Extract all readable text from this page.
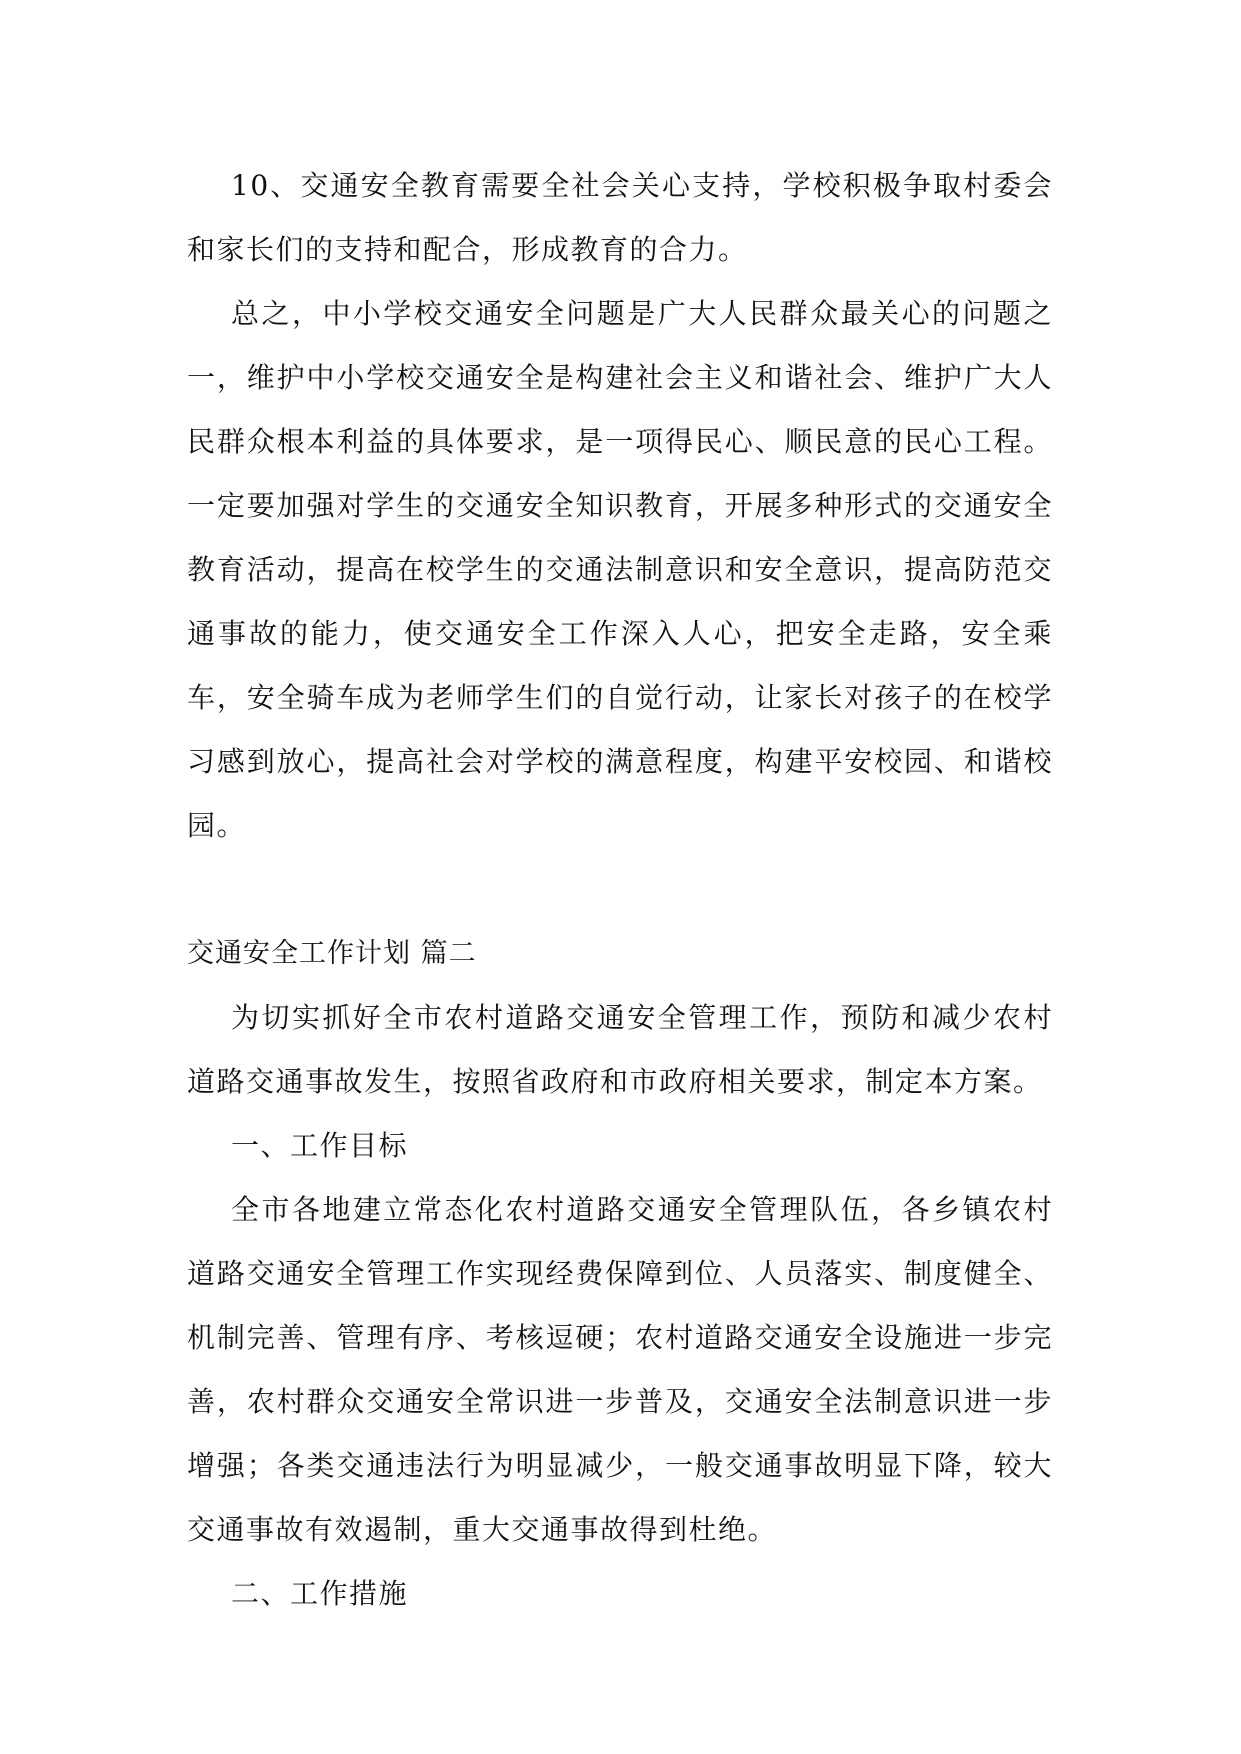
10、交通安全教育需要全社会关心支持，学校积极争取村委会和家长们的支持和配合，形成教育的合力。

总之，中小学校交通安全问题是广大人民群众最关心的问题之一，维护中小学校交通安全是构建社会主义和谐社会、维护广大人民群众根本利益的具体要求，是一项得民心、顺民意的民心工程。一定要加强对学生的交通安全知识教育，开展多种形式的交通安全教育活动，提高在校学生的交通法制意识和安全意识，提高防范交通事故的能力，使交通安全工作深入人心，把安全走路，安全乘车，安全骑车成为老师学生们的自觉行动，让家长对孩子的在校学习感到放心，提高社会对学校的满意程度，构建平安校园、和谐校园。

交通安全工作计划 篇二

为切实抓好全市农村道路交通安全管理工作，预防和减少农村道路交通事故发生，按照省政府和市政府相关要求，制定本方案。

一、工作目标

全市各地建立常态化农村道路交通安全管理队伍，各乡镇农村道路交通安全管理工作实现经费保障到位、人员落实、制度健全、机制完善、管理有序、考核逗硬；农村道路交通安全设施进一步完善，农村群众交通安全常识进一步普及，交通安全法制意识进一步增强；各类交通违法行为明显减少，一般交通事故明显下降，较大交通事故有效遏制，重大交通事故得到杜绝。

二、工作措施
